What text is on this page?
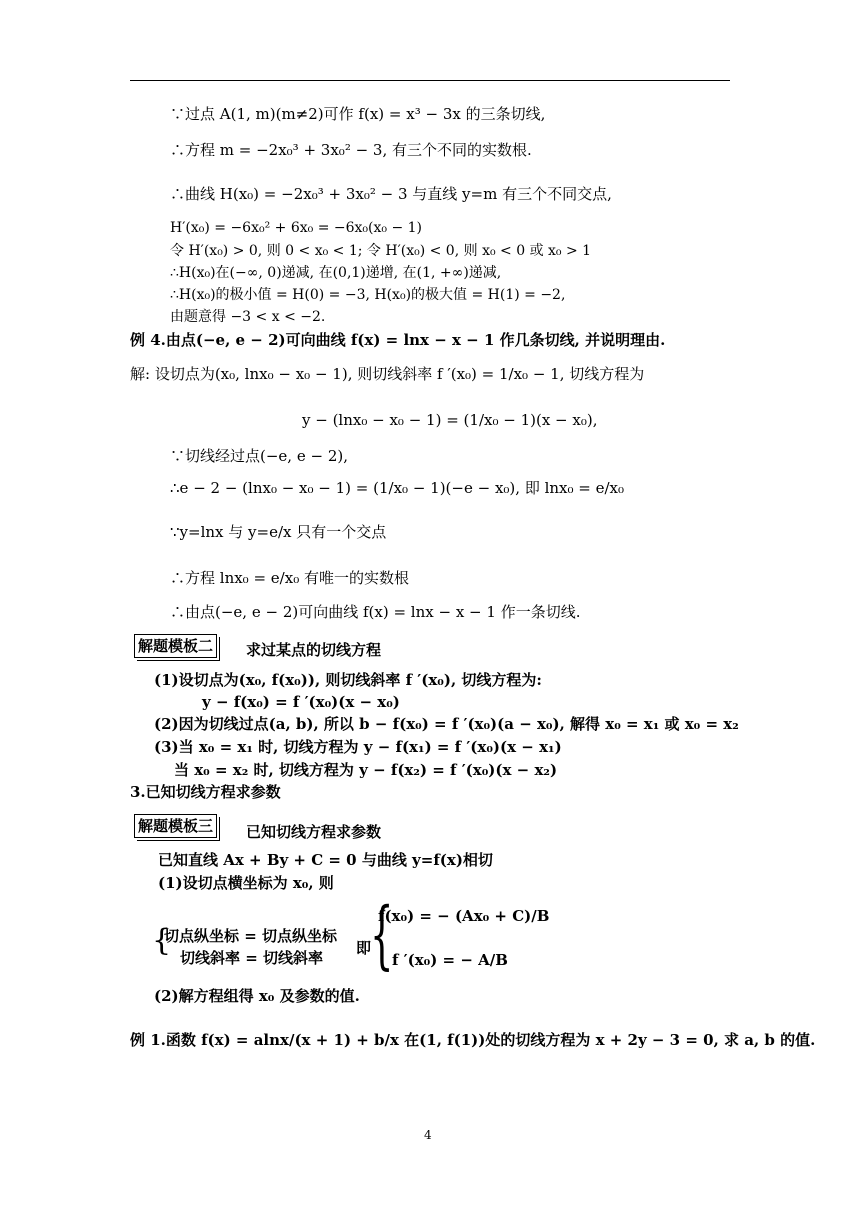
∵过点 A(1, m)(m≠2)可作 f(x) = x³ − 3x 的三条切线,
∴方程 m = −2x₀³ + 3x₀² − 3, 有三个不同的实数根.
∴曲线 H(x₀) = −2x₀³ + 3x₀² − 3 与直线 y=m 有三个不同交点,
H′(x₀) = −6x₀² + 6x₀ = −6x₀(x₀ − 1)
令 H′(x₀) > 0, 则 0 < x₀ < 1; 令 H′(x₀) < 0, 则 x₀ < 0 或 x₀ > 1
∴H(x₀)在(−∞, 0)递减, 在(0,1)递增, 在(1, +∞)递减,
∴H(x₀)的极小值 = H(0) = −3, H(x₀)的极大值 = H(1) = −2,
由题意得 −3 < x < −2.
例 4.由点(−e, e − 2)可向曲线 f(x) = lnx − x − 1 作几条切线, 并说明理由.
解: 设切点为(x₀, lnx₀ − x₀ − 1), 则切线斜率 f ′(x₀) = 1/x₀ − 1, 切线方程为
y − (lnx₀ − x₀ − 1) = (1/x₀ − 1)(x − x₀),
∵切线经过点(−e, e − 2),
∴e − 2 − (lnx₀ − x₀ − 1) = (1/x₀ − 1)(−e − x₀), 即 lnx₀ = e/x₀
∵y=lnx 与 y=e/x 只有一个交点
∴方程 lnx₀ = e/x₀ 有唯一的实数根
∴由点(−e, e − 2)可向曲线 f(x) = lnx − x − 1 作一条切线.
解题模板二 求过某点的切线方程
(1)设切点为(x₀, f(x₀)), 则切线斜率 f ′(x₀), 切线方程为:
y − f(x₀) = f ′(x₀)(x − x₀)
(2)因为切线过点(a, b), 所以 b − f(x₀) = f ′(x₀)(a − x₀), 解得 x₀ = x₁ 或 x₀ = x₂
(3)当 x₀ = x₁ 时, 切线方程为 y − f(x₁) = f ′(x₀)(x − x₁)
当 x₀ = x₂ 时, 切线方程为 y − f(x₂) = f ′(x₀)(x − x₂)
3.已知切线方程求参数
解题模板三 已知切线方程求参数
已知直线 Ax + By + C = 0 与曲线 y=f(x)相切
(1)设切点横坐标为 x₀, 则
{
切点纵坐标 = 切点纵坐标
切线斜率 = 切线斜率
即
{
f(x₀) = − (Ax₀ + C)/B
f ′(x₀) = − A/B
(2)解方程组得 x₀ 及参数的值.
例 1.函数 f(x) = alnx/(x + 1) + b/x 在(1, f(1))处的切线方程为 x + 2y − 3 = 0, 求 a, b 的值.
4
